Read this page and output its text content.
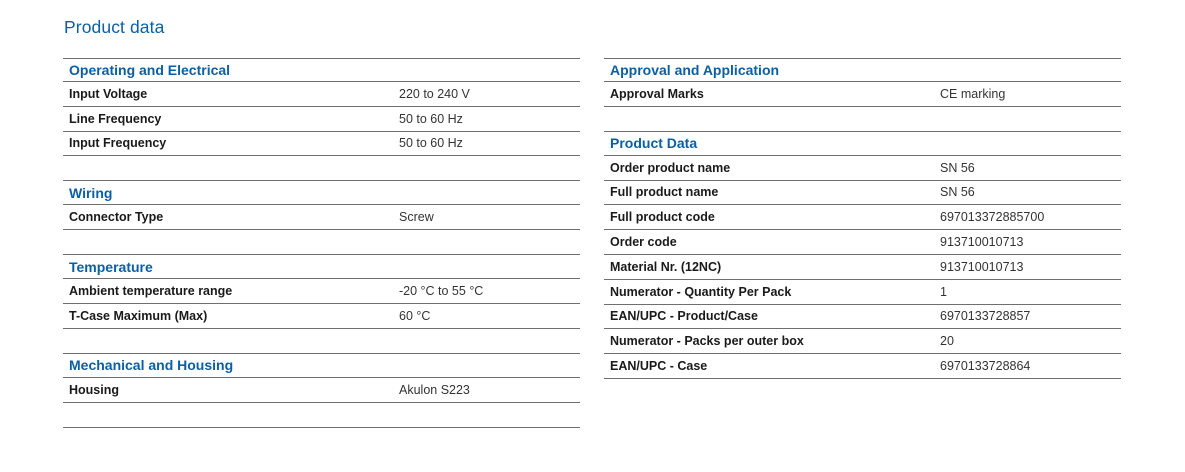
Product data
Operating and Electrical
Input Voltage	220 to 240 V
Line Frequency	50 to 60 Hz
Input Frequency	50 to 60 Hz
Wiring
Connector Type	Screw
Temperature
Ambient temperature range	-20 °C to 55 °C
T-Case Maximum (Max)	60 °C
Mechanical and Housing
Housing	Akulon S223
Approval and Application
Approval Marks	CE marking
Product Data
Order product name	SN 56
Full product name	SN 56
Full product code	697013372885700
Order code	913710010713
Material Nr. (12NC)	913710010713
Numerator - Quantity Per Pack	1
EAN/UPC - Product/Case	6970133728857
Numerator - Packs per outer box	20
EAN/UPC - Case	6970133728864
